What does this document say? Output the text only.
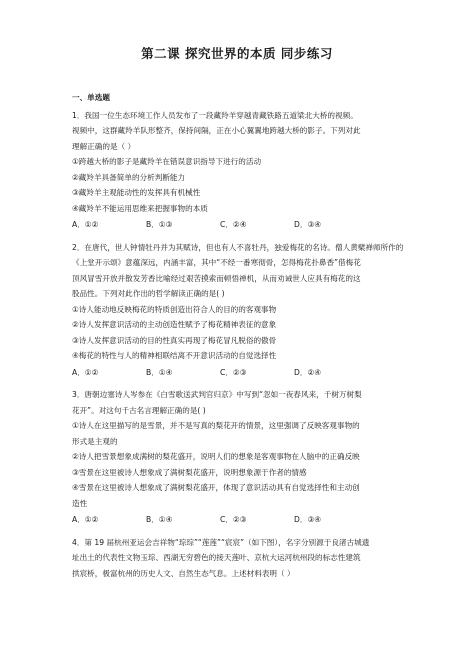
第二课 探究世界的本质 同步练习
一、单选题
1．我国一位生态环境工作人员发布了一段藏羚羊穿越青藏铁路五道梁北大桥的视频。
视频中，这群藏羚羊队形整齐，保持间隔，正在小心翼翼地跨越大桥的影子。下列对此
理解正确的是（ ）
①跨越大桥的影子是藏羚羊在错误意识指导下进行的活动
②藏羚羊具备简单的分析判断能力
③藏羚羊主观能动性的发挥具有机械性
④藏羚羊不能运用思维来把握事物的本质
A．①②	B．①③	C．②④	D．③④
2．在唐代，世人钟情牡丹并为其赋诗，但也有人不喜牡丹，独爱梅花的名诗。僧人黄檗禅师所作的
《上堂开示颂》意蕴深远，内涵丰富，其中“不经一番寒彻骨，怎得梅花扑鼻香”借梅花
顶风冒雪开放并散发芳香比喻经过艰苦摸索而顿悟禅机，从而劝诫世人应具有梅花的这
股品性。下列对此作出的哲学解读正确的是( )
①诗人能动地反映梅花的特质创造出符合人的目的的客观事物
②诗人发挥意识活动的主动创造性赋予了梅花精神表征的意象
③诗人发挥意识活动的目的性真实再现了梅花冒凡脱俗的傲骨
④梅花的特性与人的精神相联结离不开意识活动的自觉选择性
A．①②	B．①④	C．②③	D．②④
3．唐朝边塞诗人岑参在《白雪歌送武判官归京》中写到“忽如一夜春风来，千树万树梨
花开”。对这句千古名言理解正确的是( )
①诗人在这里描写的是雪景，并不是写真的梨花开的情景，这里强调了反映客观事物的
形式是主观的
②诗人把雪景想象成满树的梨花盛开，说明人们的想象是客观事物在人脑中的正确反映
③雪景在这里被诗人想象成了满树梨花盛开，说明想象源于作者的情感
④雪景在这里被诗人想象成了满树梨花盛开，体现了意识活动具有自觉选择性和主动创
造性
A．①②	B．①④	C．②③	D．③④
4．第 19 届杭州亚运会吉祥物“琮琮”“莲莲”“宸宸”（如下图），名字分别源于良渚古城遗
址出土的代表性文物玉琮、西湖无穷碧色的接天莲叶、京杭大运河杭州段的标志性建筑
拱宸桥，极富杭州的历史人文、自然生态气息。上述材料表明（ ）
